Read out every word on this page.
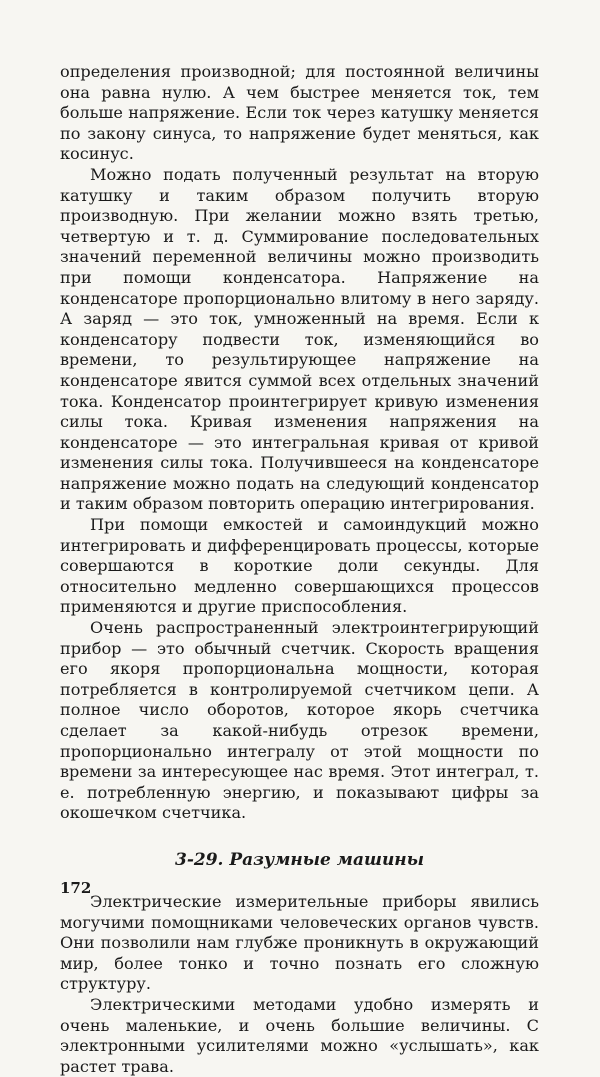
определения производной; для постоянной величины она равна нулю. А чем быстрее меняется ток, тем больше напряжение. Если ток через катушку меняется по закону синуса, то напряжение будет меняться, как косинус.

Можно подать полученный результат на вторую катушку и таким образом получить вторую производную. При желании можно взять третью, четвертую и т. д. Суммирование последовательных значений переменной величины можно производить при помощи конденсатора. Напряжение на конденсаторе пропорционально влитому в него заряду. А заряд — это ток, умноженный на время. Если к конденсатору подвести ток, изменяющийся во времени, то результирующее напряжение на конденсаторе явится суммой всех отдельных значений тока. Конденсатор проинтегрирует кривую изменения силы тока. Кривая изменения напряжения на конденсаторе — это интегральная кривая от кривой изменения силы тока. Получившееся на конденсаторе напряжение можно подать на следующий конденсатор и таким образом повторить операцию интегрирования.

При помощи емкостей и самоиндукций можно интегрировать и дифференцировать процессы, которые совершаются в короткие доли секунды. Для относительно медленно совершающихся процессов применяются и другие приспособления.

Очень распространенный электроинтегрирующий прибор — это обычный счетчик. Скорость вращения его якоря пропорциональна мощности, которая потребляется в контролируемой счетчиком цепи. А полное число оборотов, которое якорь счетчика сделает за какой-нибудь отрезок времени, пропорционально интегралу от этой мощности по времени за интересующее нас время. Этот интеграл, т. е. потребленную энергию, и показывают цифры за окошечком счетчика.

3-29. Разумные машины

Электрические измерительные приборы явились могучими помощниками человеческих органов чувств. Они позволили нам глубже проникнуть в окружающий мир, более тонко и точно познать его сложную структуру.

Электрическими методами удобно измерять и очень маленькие, и очень большие величины. С электронными усилителями можно «услышать», как растет трава.

172
